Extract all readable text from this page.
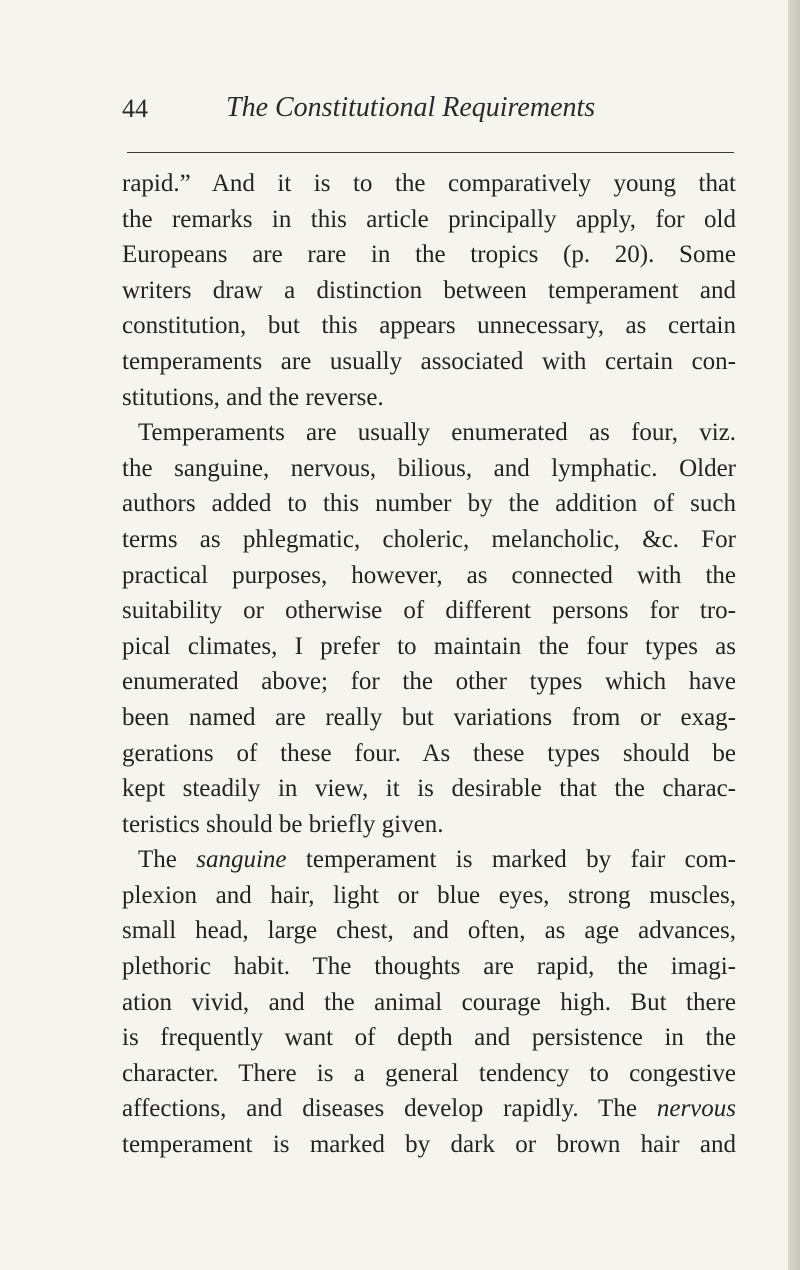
44	The Constitutional Requirements
rapid.” And it is to the comparatively young that
the remarks in this article principally apply, for old
Europeans are rare in the tropics (p. 20). Some
writers draw a distinction between temperament and
constitution, but this appears unnecessary, as certain
temperaments are usually associated with certain con-
stitutions, and the reverse.
Temperaments are usually enumerated as four, viz.
the sanguine, nervous, bilious, and lymphatic. Older
authors added to this number by the addition of such
terms as phlegmatic, choleric, melancholic, &c. For
practical purposes, however, as connected with the
suitability or otherwise of different persons for tro-
pical climates, I prefer to maintain the four types as
enumerated above; for the other types which have
been named are really but variations from or exag-
gerations of these four. As these types should be
kept steadily in view, it is desirable that the charac-
teristics should be briefly given.
The sanguine temperament is marked by fair com-
plexion and hair, light or blue eyes, strong muscles,
small head, large chest, and often, as age advances,
plethoric habit. The thoughts are rapid, the imagi-
ation vivid, and the animal courage high. But there
is frequently want of depth and persistence in the
character. There is a general tendency to congestive
affections, and diseases develop rapidly. The nervous
temperament is marked by dark or brown hair and
